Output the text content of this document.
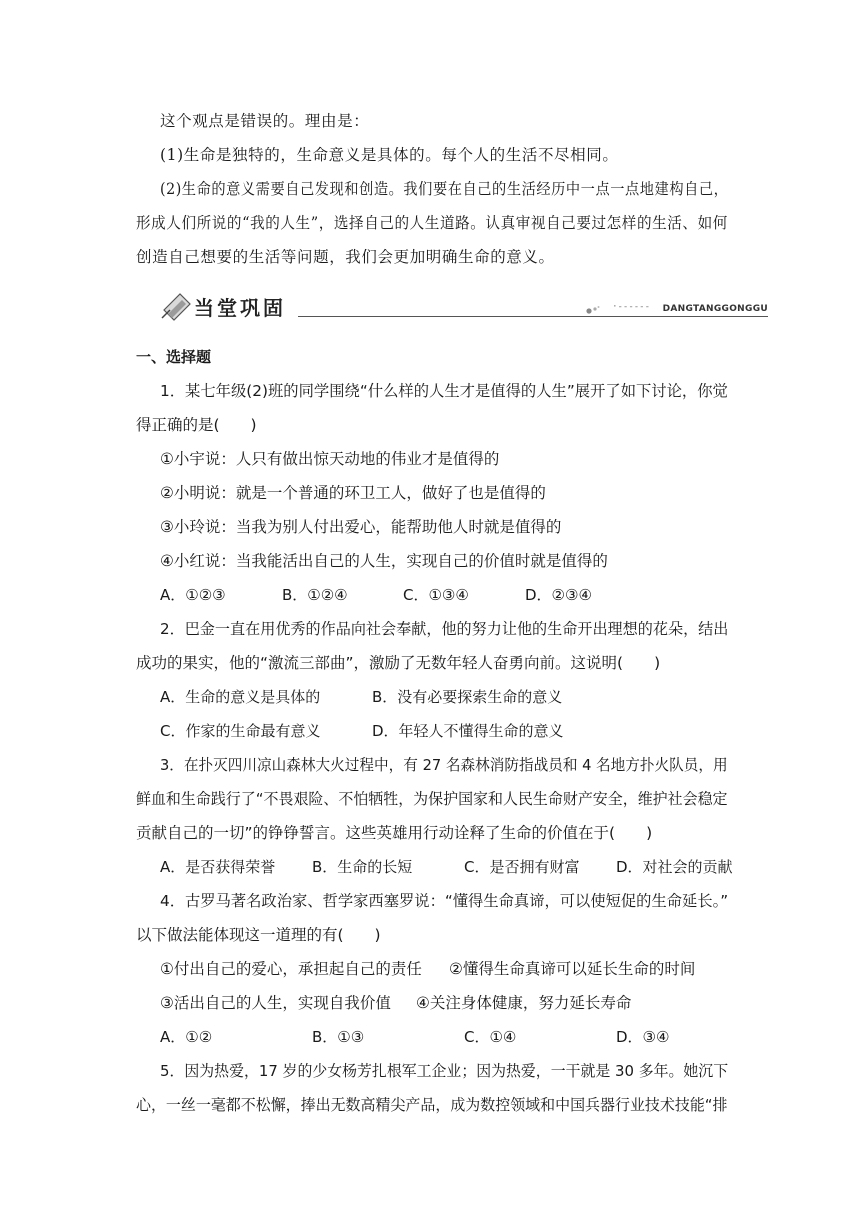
这个观点是错误的。理由是：
(1)生命是独特的，生命意义是具体的。每个人的生活不尽相同。
(2)生命的意义需要自己发现和创造。我们要在自己的生活经历中一点一点地建构自己，
形成人们所说的“我的人生”，选择自己的人生道路。认真审视自己要过怎样的生活、如何
创造自己想要的生活等问题，我们会更加明确生命的意义。
当堂巩固	·------ DANGTANGGONGGU
一、选择题
1．某七年级(2)班的同学围绕“什么样的人生才是值得的人生”展开了如下讨论，你觉
得正确的是(　　)
①小宇说：人只有做出惊天动地的伟业才是值得的
②小明说：就是一个普通的环卫工人，做好了也是值得的
③小玲说：当我为别人付出爱心，能帮助他人时就是值得的
④小红说：当我能活出自己的人生，实现自己的价值时就是值得的
A．①②③	B．①②④	C．①③④	D．②③④
2．巴金一直在用优秀的作品向社会奉献，他的努力让他的生命开出理想的花朵，结出
成功的果实，他的“激流三部曲”，激励了无数年轻人奋勇向前。这说明(　　)
A．生命的意义是具体的	B．没有必要探索生命的意义
C．作家的生命最有意义	D．年轻人不懂得生命的意义
3．在扑灭四川凉山森林大火过程中，有 27 名森林消防指战员和 4 名地方扑火队员，用
鲜血和生命践行了“不畏艰险、不怕牺牲，为保护国家和人民生命财产安全，维护社会稳定
贡献自己的一切”的铮铮誓言。这些英雄用行动诠释了生命的价值在于(　　)
A．是否获得荣誉 B．生命的长短	C．是否拥有财富 D．对社会的贡献
4．古罗马著名政治家、哲学家西塞罗说：“懂得生命真谛，可以使短促的生命延长。”
以下做法能体现这一道理的有(　　)
①付出自己的爱心，承担起自己的责任 ②懂得生命真谛可以延长生命的时间
③活出自己的人生，实现自我价值 ④关注身体健康，努力延长寿命
A．①②	B．①③	C．①④	D．③④
5．因为热爱，17 岁的少女杨芳扎根军工企业；因为热爱，一干就是 30 多年。她沉下
心，一丝一毫都不松懈，捧出无数高精尖产品，成为数控领域和中国兵器行业技术技能“排
